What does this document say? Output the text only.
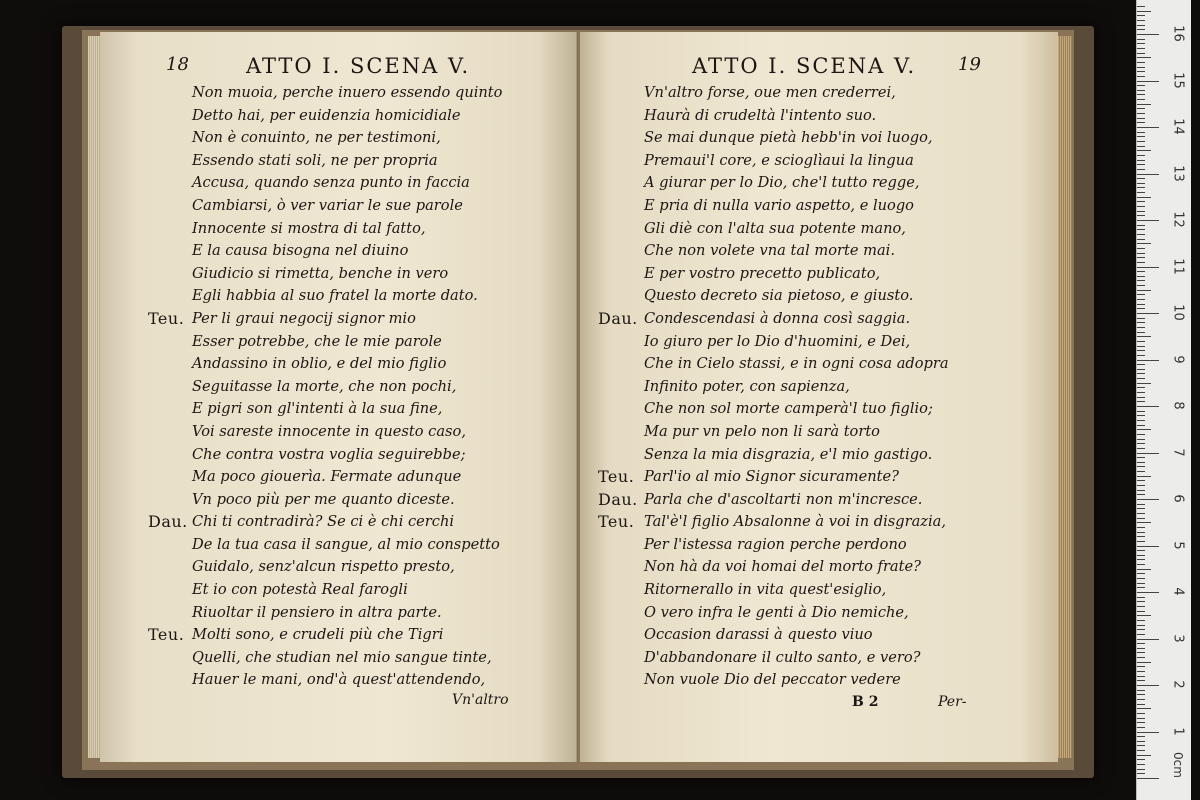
18	ATTO I. SCENA V.
Non muoia, perche inuero essendo quinto
Detto hai, per euidenzia homicidiale
Non è conuinto, ne per testimoni,
Essendo stati soli, ne per propria
Accusa, quando senza punto in faccia
Cambiarsi, ò ver variar le sue parole
Innocente si mostra di tal fatto,
E la causa bisogna nel diuino
Giudicio si rimetta, benche in vero
Egli habbia al suo fratel la morte dato.
Teu. Per li graui negocij signor mio
Esser potrebbe, che le mie parole
Andassino in oblio, e del mio figlio
Seguitasse la morte, che non pochi,
E pigri son gl'intenti à la sua fine,
Voi sareste innocente in questo caso,
Che contra vostra voglia seguirebbe;
Ma poco giouerìa. Fermate adunque
Vn poco più per me quanto diceste.
Dau. Chi ti contradirà? Se ci è chi cerchi
De la tua casa il sangue, al mio conspetto
Guidalo, senz'alcun rispetto presto,
Et io con potestà Real farogli
Riuoltar il pensiero in altra parte.
Teu. Molti sono, e crudeli più che Tigri
Quelli, che studian nel mio sangue tinte,
Hauer le mani, ond'à quest'attendendo,
Vn'altro
ATTO I. SCENA V. 19
Vn'altro forse, oue men crederrei,
Haurà di crudeltà l'intento suo.
Se mai dunque pietà hebb'in voi luogo,
Premaui'l core, e scioglìaui la lingua
A giurar per lo Dio, che'l tutto regge,
E pria di nulla vario aspetto, e luogo
Gli diè con l'alta sua potente mano,
Che non volete vna tal morte mai.
E per vostro precetto publicato,
Questo decreto sia pietoso, e giusto.
Dau. Condescendasi à donna così saggia.
Io giuro per lo Dio d'huomini, e Dei,
Che in Cielo stassi, e in ogni cosa adopra
Infinito poter, con sapienza,
Che non sol morte camperà'l tuo figlio;
Ma pur vn pelo non li sarà torto
Senza la mia disgrazia, e'l mio gastigo.
Teu. Parl'io al mio Signor sicuramente?
Dau. Parla che d'ascoltarti non m'incresce.
Teu. Tal'è'l figlio Absalonne à voi in disgrazia,
Per l'istessa ragion perche perdono
Non hà da voi homai del morto frate?
Ritornerallo in vita quest'esiglio,
O vero infra le genti à Dio nemiche,
Occasion darassi à questo viuo
D'abbandonare il culto santo, e vero?
Non vuole Dio del peccator vedere
B 2	Per-
0cm
16
15
14
13
12
11
10
9
8
7
6
5
4
3
2
1
